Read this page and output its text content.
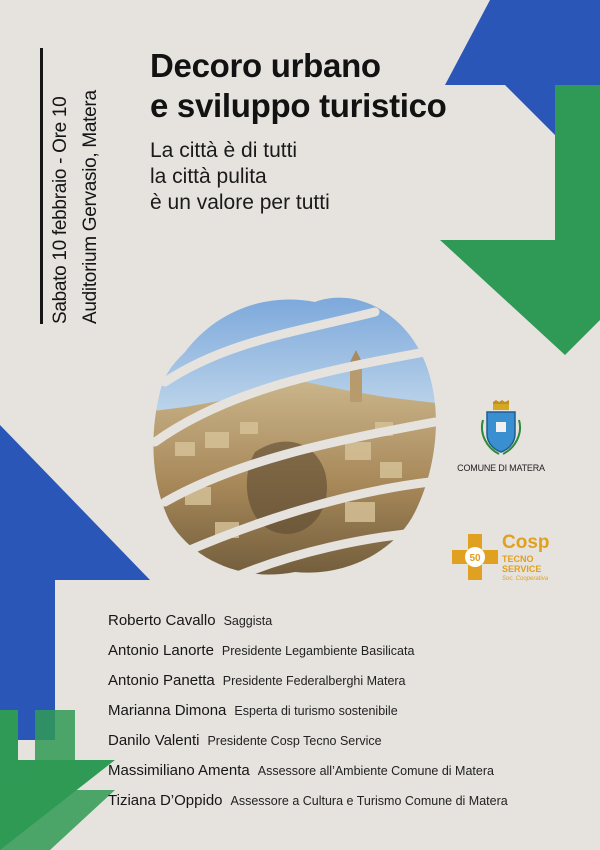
Sabato 10 febbraio - Ore 10 Auditorium Gervasio, Matera
Decoro urbano
e sviluppo turistico
La città è di tutti
la città pulita
è un valore per tutti
COMUNE DI MATERA
50
Cosp
TECNO
SERVICE
Soc. Cooperativa
Roberto Cavallo Saggista
Antonio Lanorte Presidente Legambiente Basilicata
Antonio Panetta Presidente Federalberghi Matera
Marianna Dimona Esperta di turismo sostenibile
Danilo Valenti Presidente Cosp Tecno Service
Massimiliano Amenta Assessore all’Ambiente Comune di Matera
Tiziana D’Oppido Assessore a Cultura e Turismo Comune di Matera
